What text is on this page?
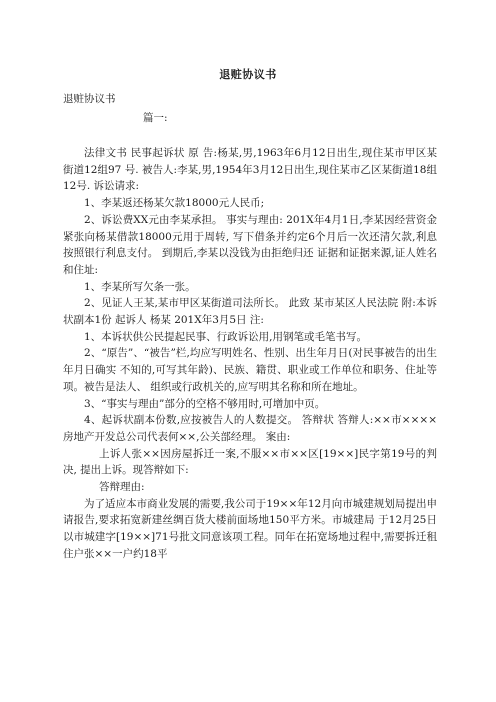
退赃协议书
退赃协议书
篇一:

法律文书 民事起诉状 原 告:杨某,男,1963年6月12日出生,现住某市甲区某街道12组97 号. 被告人:李某,男,1954年3月12日出生,现住某市乙区某街道18组12号. 诉讼请求:

1、李某返还杨某欠款18000元人民币;

2、诉讼费XX元由李某承担。 事实与理由: 201X年4月1日,李某因经营资金紧张向杨某借款18000元用于周转, 写下借条并约定6个月后一次还清欠款,利息按照银行利息支付。 到期后,李某以没钱为由拒绝归还 证据和证据来源,证人姓名和住址:

1、李某所写欠条一张。

2、见证人王某,某市甲区某街道司法所长。 此致 某市某区人民法院 附:本诉状副本1份 起诉人 杨某 201X年3月5日 注:

1、本诉状供公民提起民事、行政诉讼用,用钢笔或毛笔书写。

2、“原告”、“被告”栏,均应写明姓名、性别、出生年月日(对民事被告的出生年月日确实 不知的,可写其年龄)、民族、籍贯、职业或工作单位和职务、住址等项。被告是法人、 组织或行政机关的,应写明其名称和所在地址。

3、“事实与理由”部分的空格不够用时,可增加中页。

4、起诉状副本份数,应按被告人的人数提交。 答辩状 答辩人:××市××××房地产开发总公司代表何××,公关部经理。 案由:

上诉人张××因房屋拆迁一案,不服××市××区[19××]民字第19号的判决, 提出上诉。现答辩如下:

答辩理由:

为了适应本市商业发展的需要,我公司于19××年12月向市城建规划局提出申请报告,要求拓宽新建丝绸百货大楼前面场地150平方米。市城建局 于12月25日以市城建字[19××]71号批文同意该项工程。同年在拓宽场地过程中,需要拆迁租住户张××一户约18平
